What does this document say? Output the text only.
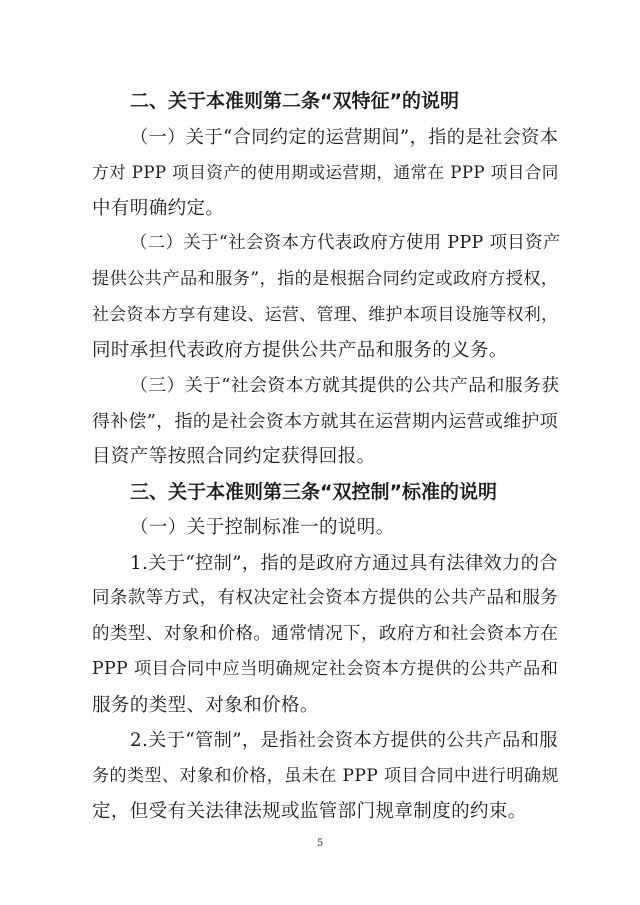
二、关于本准则第二条“双特征”的说明

（一）关于“合同约定的运营期间”，指的是社会资本
方对 PPP 项目资产的使用期或运营期，通常在 PPP 项目合同
中有明确约定。

（二）关于“社会资本方代表政府方使用 PPP 项目资产
提供公共产品和服务”，指的是根据合同约定或政府方授权，
社会资本方享有建设、运营、管理、维护本项目设施等权利，
同时承担代表政府方提供公共产品和服务的义务。

（三）关于“社会资本方就其提供的公共产品和服务获
得补偿”，指的是社会资本方就其在运营期内运营或维护项
目资产等按照合同约定获得回报。

三、关于本准则第三条“双控制”标准的说明

（一）关于控制标准一的说明。

1.关于“控制”，指的是政府方通过具有法律效力的合
同条款等方式，有权决定社会资本方提供的公共产品和服务
的类型、对象和价格。通常情况下，政府方和社会资本方在
PPP 项目合同中应当明确规定社会资本方提供的公共产品和
服务的类型、对象和价格。

2.关于“管制”，是指社会资本方提供的公共产品和服
务的类型、对象和价格，虽未在 PPP 项目合同中进行明确规
定，但受有关法律法规或监管部门规章制度的约束。

5
